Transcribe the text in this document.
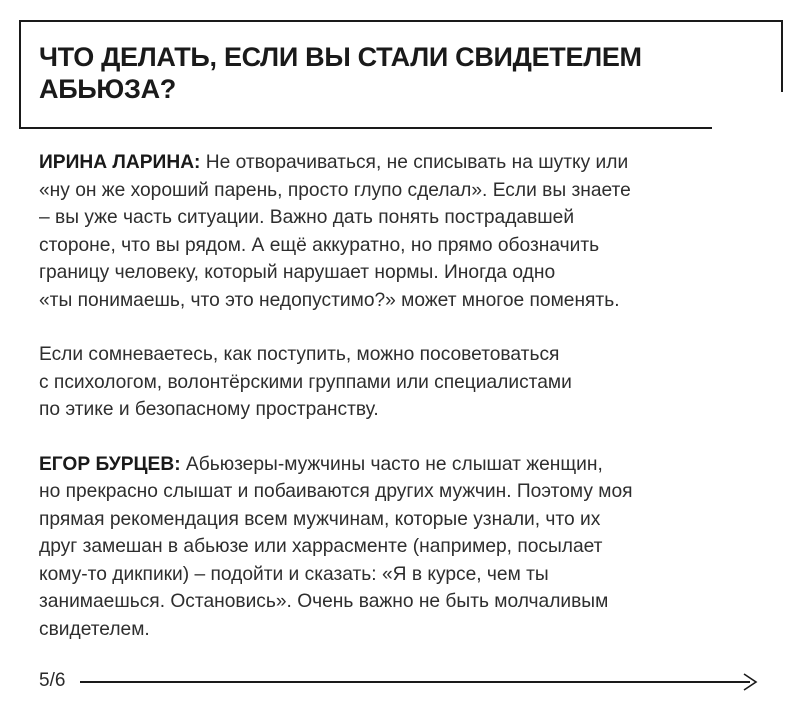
ЧТО ДЕЛАТЬ, ЕСЛИ ВЫ СТАЛИ СВИДЕТЕЛЕМ
АБЬЮЗА?

ИРИНА ЛАРИНА: Не отворачиваться, не списывать на шутку или
«ну он же хороший парень, просто глупо сделал». Если вы знаете
– вы уже часть ситуации. Важно дать понять пострадавшей
стороне, что вы рядом. А ещё аккуратно, но прямо обозначить
границу человеку, который нарушает нормы. Иногда одно
«ты понимаешь, что это недопустимо?» может многое поменять.

Если сомневаетесь, как поступить, можно посоветоваться
с психологом, волонтёрскими группами или специалистами
по этике и безопасному пространству.

ЕГОР БУРЦЕВ: Абьюзеры-мужчины часто не слышат женщин,
но прекрасно слышат и побаиваются других мужчин. Поэтому моя
прямая рекомендация всем мужчинам, которые узнали, что их
друг замешан в абьюзе или харрасменте (например, посылает
кому-то дикпики) – подойти и сказать: «Я в курсе, чем ты
занимаешься. Остановись». Очень важно не быть молчаливым
свидетелем.

5/6
